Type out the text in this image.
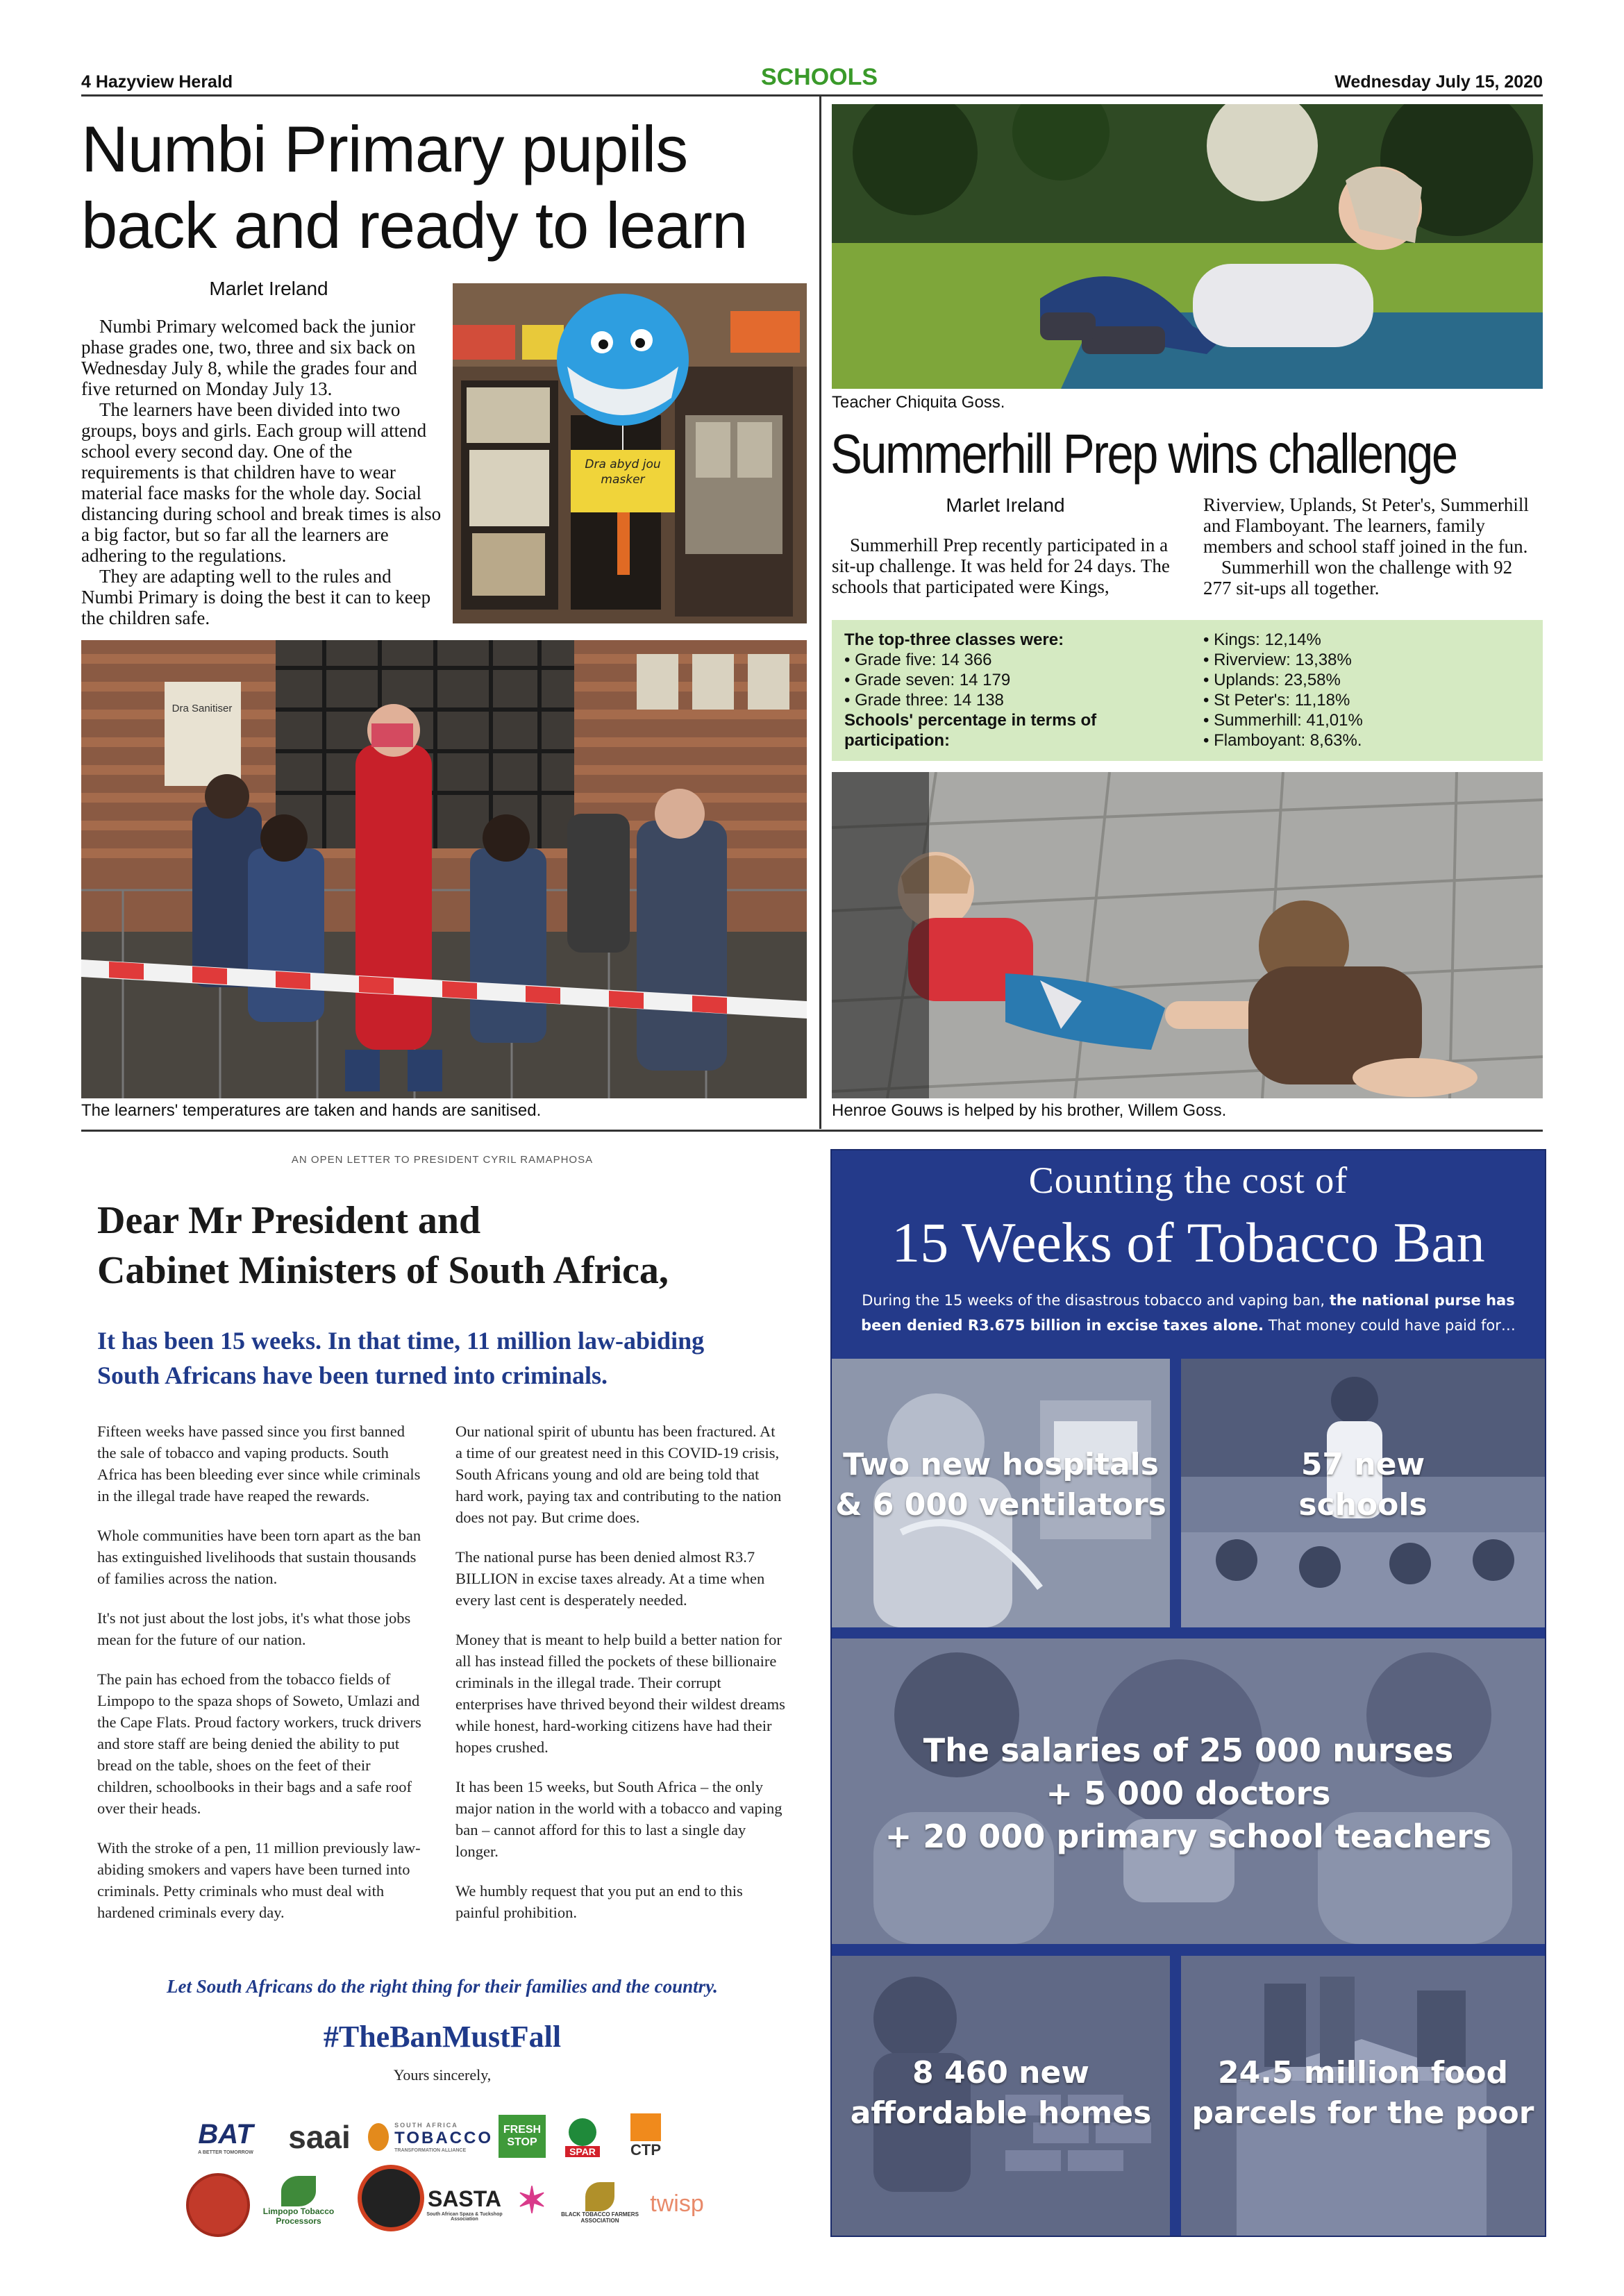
4 Hazyview Herald	SCHOOLS	Wednesday July 15, 2020
Numbi Primary pupils back and ready to learn
Marlet Ireland

Numbi Primary welcomed back the junior phase grades one, two, three and six back on Wednesday July 8, while the grades four and five returned on Monday July 13.

The learners have been divided into two groups, boys and girls. Each group will attend school every second day. One of the requirements is that children have to wear material face masks for the whole day. Social distancing during school and break times is also a big factor, but so far all the learners are adhering to the regulations.

They are adapting well to the rules and Numbi Primary is doing the best it can to keep the children safe.

Dra abyd jou masker
Dra Sanitiser
The learners' temperatures are taken and hands are sanitised.
Teacher Chiquita Goss.
Summerhill Prep wins challenge
Marlet Ireland

Summerhill Prep recently participated in a sit-up challenge. It was held for 24 days. The schools that participated were Kings,

Riverview, Uplands, St Peter's, Summerhill and Flamboyant. The learners, family members and school staff joined in the fun.

Summerhill won the challenge with 92 277 sit-ups all together.

The top-three classes were:
• Grade five: 14 366
• Grade seven: 14 179
• Grade three: 14 138
Schools' percentage in terms of participation:
• Kings: 12,14%
• Riverview: 13,38%
• Uplands: 23,58%
• St Peter's: 11,18%
• Summerhill: 41,01%
• Flamboyant: 8,63%.
Henroe Gouws is helped by his brother, Willem Goss.
AN OPEN LETTER TO PRESIDENT CYRIL RAMAPHOSA
Dear Mr President and
Cabinet Ministers of South Africa,
It has been 15 weeks. In that time, 11 million law-abiding
South Africans have been turned into criminals.

Fifteen weeks have passed since you first banned the sale of tobacco and vaping products. South Africa has been bleeding ever since while criminals in the illegal trade have reaped the rewards.

Whole communities have been torn apart as the ban has extinguished livelihoods that sustain thousands of families across the nation.

It's not just about the lost jobs, it's what those jobs mean for the future of our nation.

The pain has echoed from the tobacco fields of Limpopo to the spaza shops of Soweto, Umlazi and the Cape Flats. Proud factory workers, truck drivers and store staff are being denied the ability to put bread on the table, shoes on the feet of their children, schoolbooks in their bags and a safe roof over their heads.

With the stroke of a pen, 11 million previously law-abiding smokers and vapers have been turned into criminals. Petty criminals who must deal with hardened criminals every day.

Our national spirit of ubuntu has been fractured. At a time of our greatest need in this COVID-19 crisis, South Africans young and old are being told that hard work, paying tax and contributing to the nation does not pay. But crime does.

The national purse has been denied almost R3.7 BILLION in excise taxes already. At a time when every last cent is desperately needed.

Money that is meant to help build a better nation for all has instead filled the pockets of these billionaire criminals in the illegal trade. Their corrupt enterprises have thrived beyond their wildest dreams while honest, hard-working citizens have had their hopes crushed.

It has been 15 weeks, but South Africa – the only major nation in the world with a tobacco and vaping ban – cannot afford for this to last a single day longer.

We humbly request that you put an end to this painful prohibition.

Let South Africans do the right thing for their families and the country.
#TheBanMustFall
Yours sincerely,
BAT
A BETTER TOMORROW saai	SOUTH AFRICA
TOBACCO
TRANSFORMATION ALLIANCE
FRESH
STOP
SPAR CTP
Limpopo Tobacco
Processors
SASTA
South African Spaza & Tuckshop Association	✶	BLACK TOBACCO FARMERS
ASSOCIATION
twisp
Counting the cost of
15 Weeks of Tobacco Ban
During the 15 weeks of the disastrous tobacco and vaping ban, the national purse has
been denied R3.675 billion in excise taxes alone. That money could have paid for…
Two new hospitals
& 6 000 ventilators
57 new
schools
The salaries of 25 000 nurses
+ 5 000 doctors
+ 20 000 primary school teachers
8 460 new
affordable homes
24.5 million food
parcels for the poor
